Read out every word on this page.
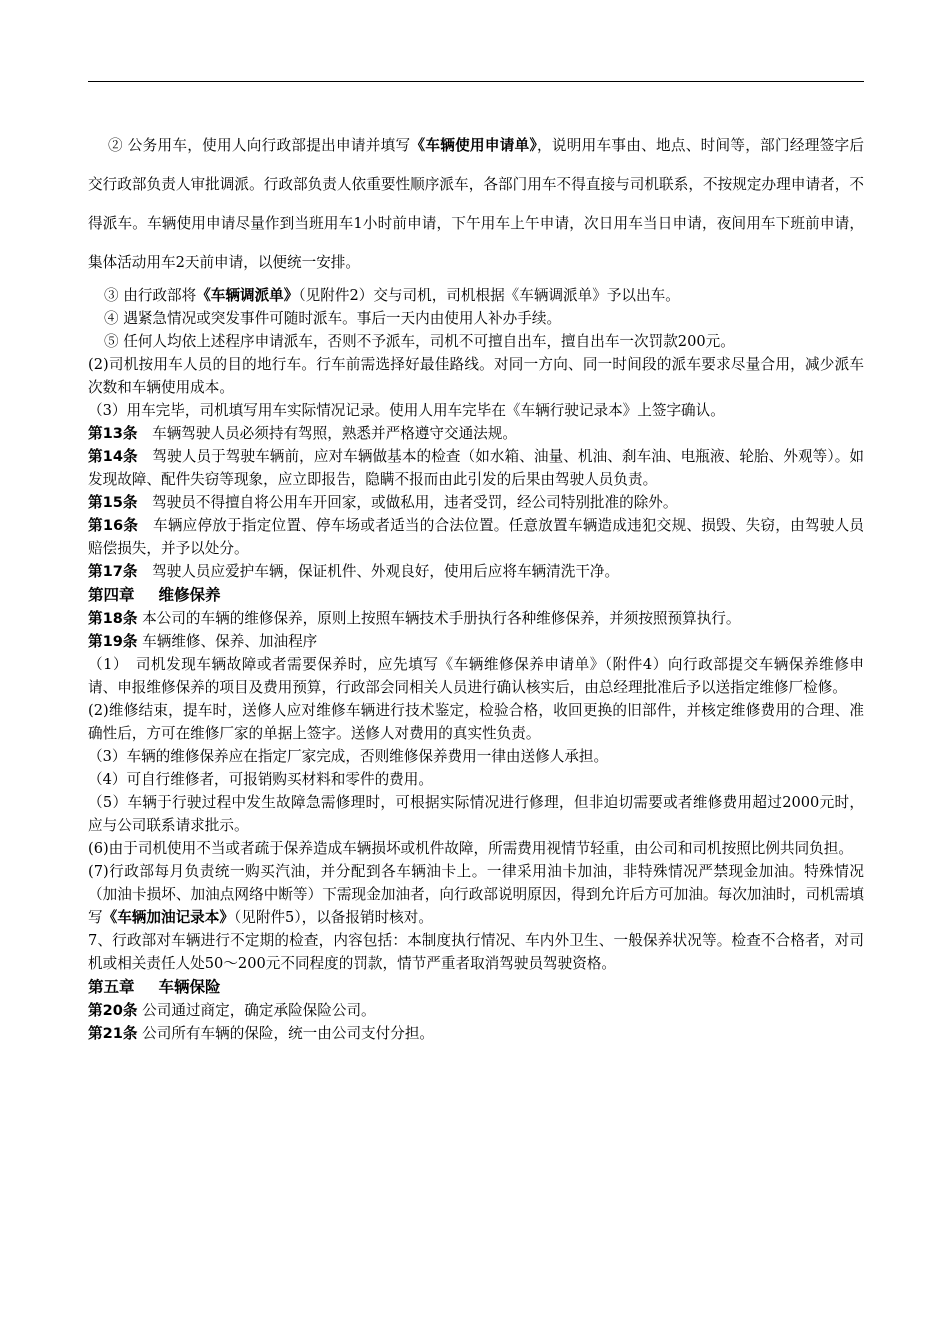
② 公务用车，使用人向行政部提出申请并填写《车辆使用申请单》，说明用车事由、地点、时间等，部门经理签字后交行政部负责人审批调派。行政部负责人依重要性顺序派车，各部门用车不得直接与司机联系，不按规定办理申请者，不得派车。车辆使用申请尽量作到当班用车1小时前申请，下午用车上午申请，次日用车当日申请，夜间用车下班前申请，集体活动用车2天前申请，以便统一安排。

③ 由行政部将《车辆调派单》（见附件2）交与司机，司机根据《车辆调派单》予以出车。

④ 遇紧急情况或突发事件可随时派车。事后一天内由使用人补办手续。

⑤ 任何人均依上述程序申请派车，否则不予派车，司机不可擅自出车，擅自出车一次罚款200元。

(2)司机按用车人员的目的地行车。行车前需选择好最佳路线。对同一方向、同一时间段的派车要求尽量合用，减少派车次数和车辆使用成本。

（3）用车完毕，司机填写用车实际情况记录。使用人用车完毕在《车辆行驶记录本》上签字确认。

第13条　 车辆驾驶人员必须持有驾照，熟悉并严格遵守交通法规。

第14条　 驾驶人员于驾驶车辆前，应对车辆做基本的检查（如水箱、油量、机油、刹车油、电瓶液、轮胎、外观等）。如发现故障、配件失窃等现象，应立即报告，隐瞒不报而由此引发的后果由驾驶人员负责。

第15条　 驾驶员不得擅自将公用车开回家，或做私用，违者受罚，经公司特别批准的除外。

第16条　 车辆应停放于指定位置、停车场或者适当的合法位置。任意放置车辆造成违犯交规、损毁、失窃，由驾驶人员赔偿损失，并予以处分。

第17条　 驾驶人员应爱护车辆，保证机件、外观良好，使用后应将车辆清洗干净。

第四章 维修保养

第18条 本公司的车辆的维修保养，原则上按照车辆技术手册执行各种维修保养，并须按照预算执行。

第19条 车辆维修、保养、加油程序

（1）　司机发现车辆故障或者需要保养时，应先填写《车辆维修保养申请单》（附件4）向行政部提交车辆保养维修申请、申报维修保养的项目及费用预算，行政部会同相关人员进行确认核实后，由总经理批准后予以送指定维修厂检修。

(2)维修结束，提车时，送修人应对维修车辆进行技术鉴定，检验合格，收回更换的旧部件，并核定维修费用的合理、准确性后，方可在维修厂家的单据上签字。送修人对费用的真实性负责。

（3）车辆的维修保养应在指定厂家完成，否则维修保养费用一律由送修人承担。

（4）可自行维修者，可报销购买材料和零件的费用。

（5）车辆于行驶过程中发生故障急需修理时，可根据实际情况进行修理，但非迫切需要或者维修费用超过2000元时，应与公司联系请求批示。

(6)由于司机使用不当或者疏于保养造成车辆损坏或机件故障，所需费用视情节轻重，由公司和司机按照比例共同负担。

(7)行政部每月负责统一购买汽油，并分配到各车辆油卡上。一律采用油卡加油，非特殊情况严禁现金加油。特殊情况（加油卡损坏、加油点网络中断等）下需现金加油者，向行政部说明原因，得到允许后方可加油。每次加油时，司机需填写《车辆加油记录本》（见附件5），以备报销时核对。

7、行政部对车辆进行不定期的检查，内容包括：本制度执行情况、车内外卫生、一般保养状况等。检查不合格者，对司机或相关责任人处50～200元不同程度的罚款，情节严重者取消驾驶员驾驶资格。

第五章 车辆保险

第20条 公司通过商定，确定承险保险公司。

第21条 公司所有车辆的保险，统一由公司支付分担。
